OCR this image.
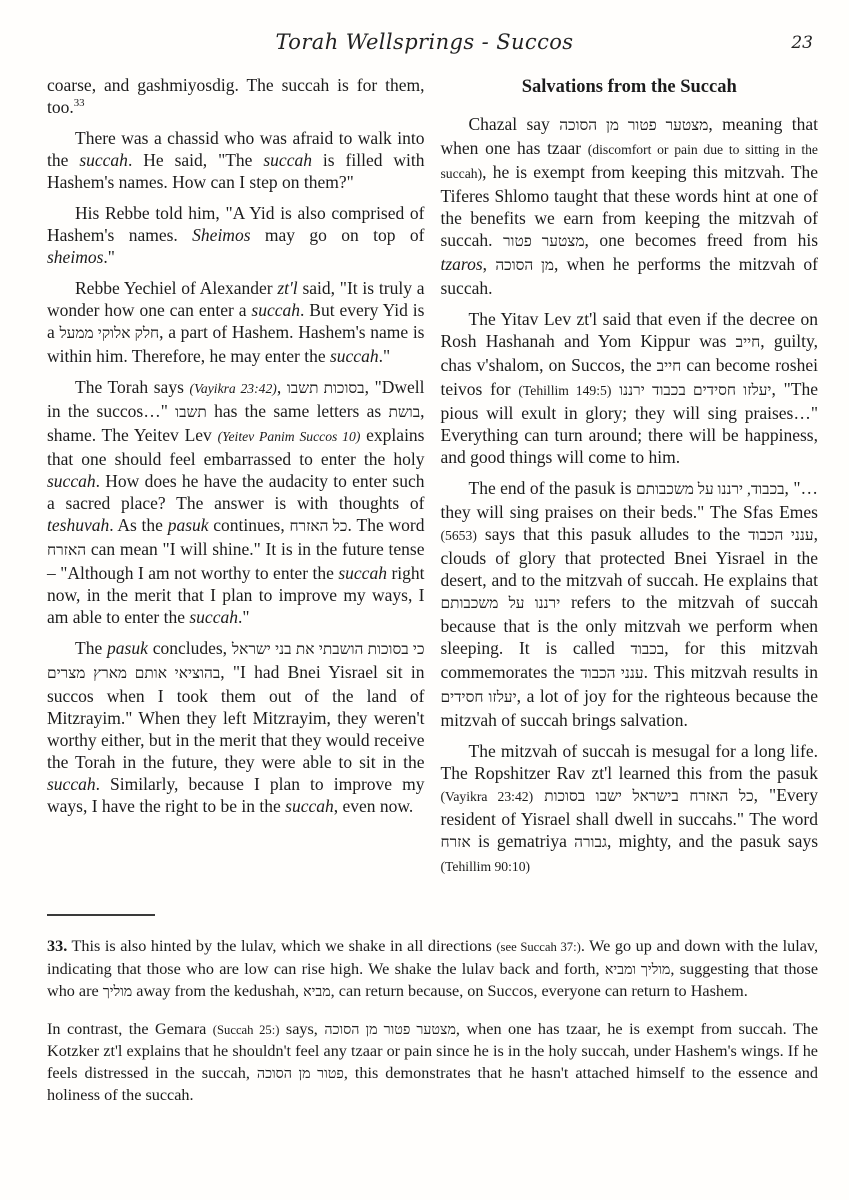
Torah Wellsprings - Succos	23

coarse, and gashmiyosdig. The succah is for them, too.$^{33}$

There was a chassid who was afraid to walk into the succah. He said, "The succah is filled with Hashem's names. How can I step on them?"

His Rebbe told him, "A Yid is also comprised of Hashem's names. Sheimos may go on top of sheimos."

Rebbe Yechiel of Alexander zt'l said, "It is truly a wonder how one can enter a succah. But every Yid is a חלק אלוקי ממעל, a part of Hashem. Hashem's name is within him. Therefore, he may enter the succah."

The Torah says (Vayikra 23:42), בסוכות תשבו, "Dwell in the succos…" תשבו has the same letters as בושת, shame. The Yeitev Lev (Yeitev Panim Succos 10) explains that one should feel embarrassed to enter the holy succah. How does he have the audacity to enter such a sacred place? The answer is with thoughts of teshuvah. As the pasuk continues, כל האזרח. The word האזרח can mean "I will shine." It is in the future tense – "Although I am not worthy to enter the succah right now, in the merit that I plan to improve my ways, I am able to enter the succah."

The pasuk concludes, כי בסוכות הושבתי את בני ישראל בהוציאי אותם מארץ מצרים, "I had Bnei Yisrael sit in succos when I took them out of the land of Mitzrayim." When they left Mitzrayim, they weren't worthy either, but in the merit that they would receive the Torah in the future, they were able to sit in the succah. Similarly, because I plan to improve my ways, I have the right to be in the succah, even now.

Salvations from the Succah

Chazal say מצטער פטור מן הסוכה, meaning that when one has tzaar (discomfort or pain due to sitting in the succah), he is exempt from keeping this mitzvah. The Tiferes Shlomo taught that these words hint at one of the benefits we earn from keeping the mitzvah of succah. מצטער פטור, one becomes freed from his tzaros, מן הסוכה, when he performs the mitzvah of succah.

The Yitav Lev zt'l said that even if the decree on Rosh Hashanah and Yom Kippur was חייב, guilty, chas v'shalom, on Succos, the חייב can become roshei teivos for (Tehillim 149:5) יעלזו חסידים בכבוד ירננו, "The pious will exult in glory; they will sing praises…" Everything can turn around; there will be happiness, and good things will come to him.

The end of the pasuk is בכבוד, ירננו על משכבותם, "…they will sing praises on their beds." The Sfas Emes (5653) says that this pasuk alludes to the ענני הכבוד, clouds of glory that protected Bnei Yisrael in the desert, and to the mitzvah of succah. He explains that ירננו על משכבותם refers to the mitzvah of succah because that is the only mitzvah we perform when sleeping. It is called בכבוד, for this mitzvah commemorates the ענני הכבוד. This mitzvah results in יעלזו חסידים, a lot of joy for the righteous because the mitzvah of succah brings salvation.

The mitzvah of succah is mesugal for a long life. The Ropshitzer Rav zt'l learned this from the pasuk (Vayikra 23:42) כל האזרח בישראל ישבו בסוכות, "Every resident of Yisrael shall dwell in succahs." The word אזרח is gematriya גבורה, mighty, and the pasuk says (Tehillim 90:10)

33. This is also hinted by the lulav, which we shake in all directions (see Succah 37:). We go up and down with the lulav, indicating that those who are low can rise high. We shake the lulav back and forth, מוליך ומביא, suggesting that those who are מוליך away from the kedushah, מביא, can return because, on Succos, everyone can return to Hashem.

In contrast, the Gemara (Succah 25:) says, מצטער פטור מן הסוכה, when one has tzaar, he is exempt from succah. The Kotzker zt'l explains that he shouldn't feel any tzaar or pain since he is in the holy succah, under Hashem's wings. If he feels distressed in the succah, פטור מן הסוכה, this demonstrates that he hasn't attached himself to the essence and holiness of the succah.
